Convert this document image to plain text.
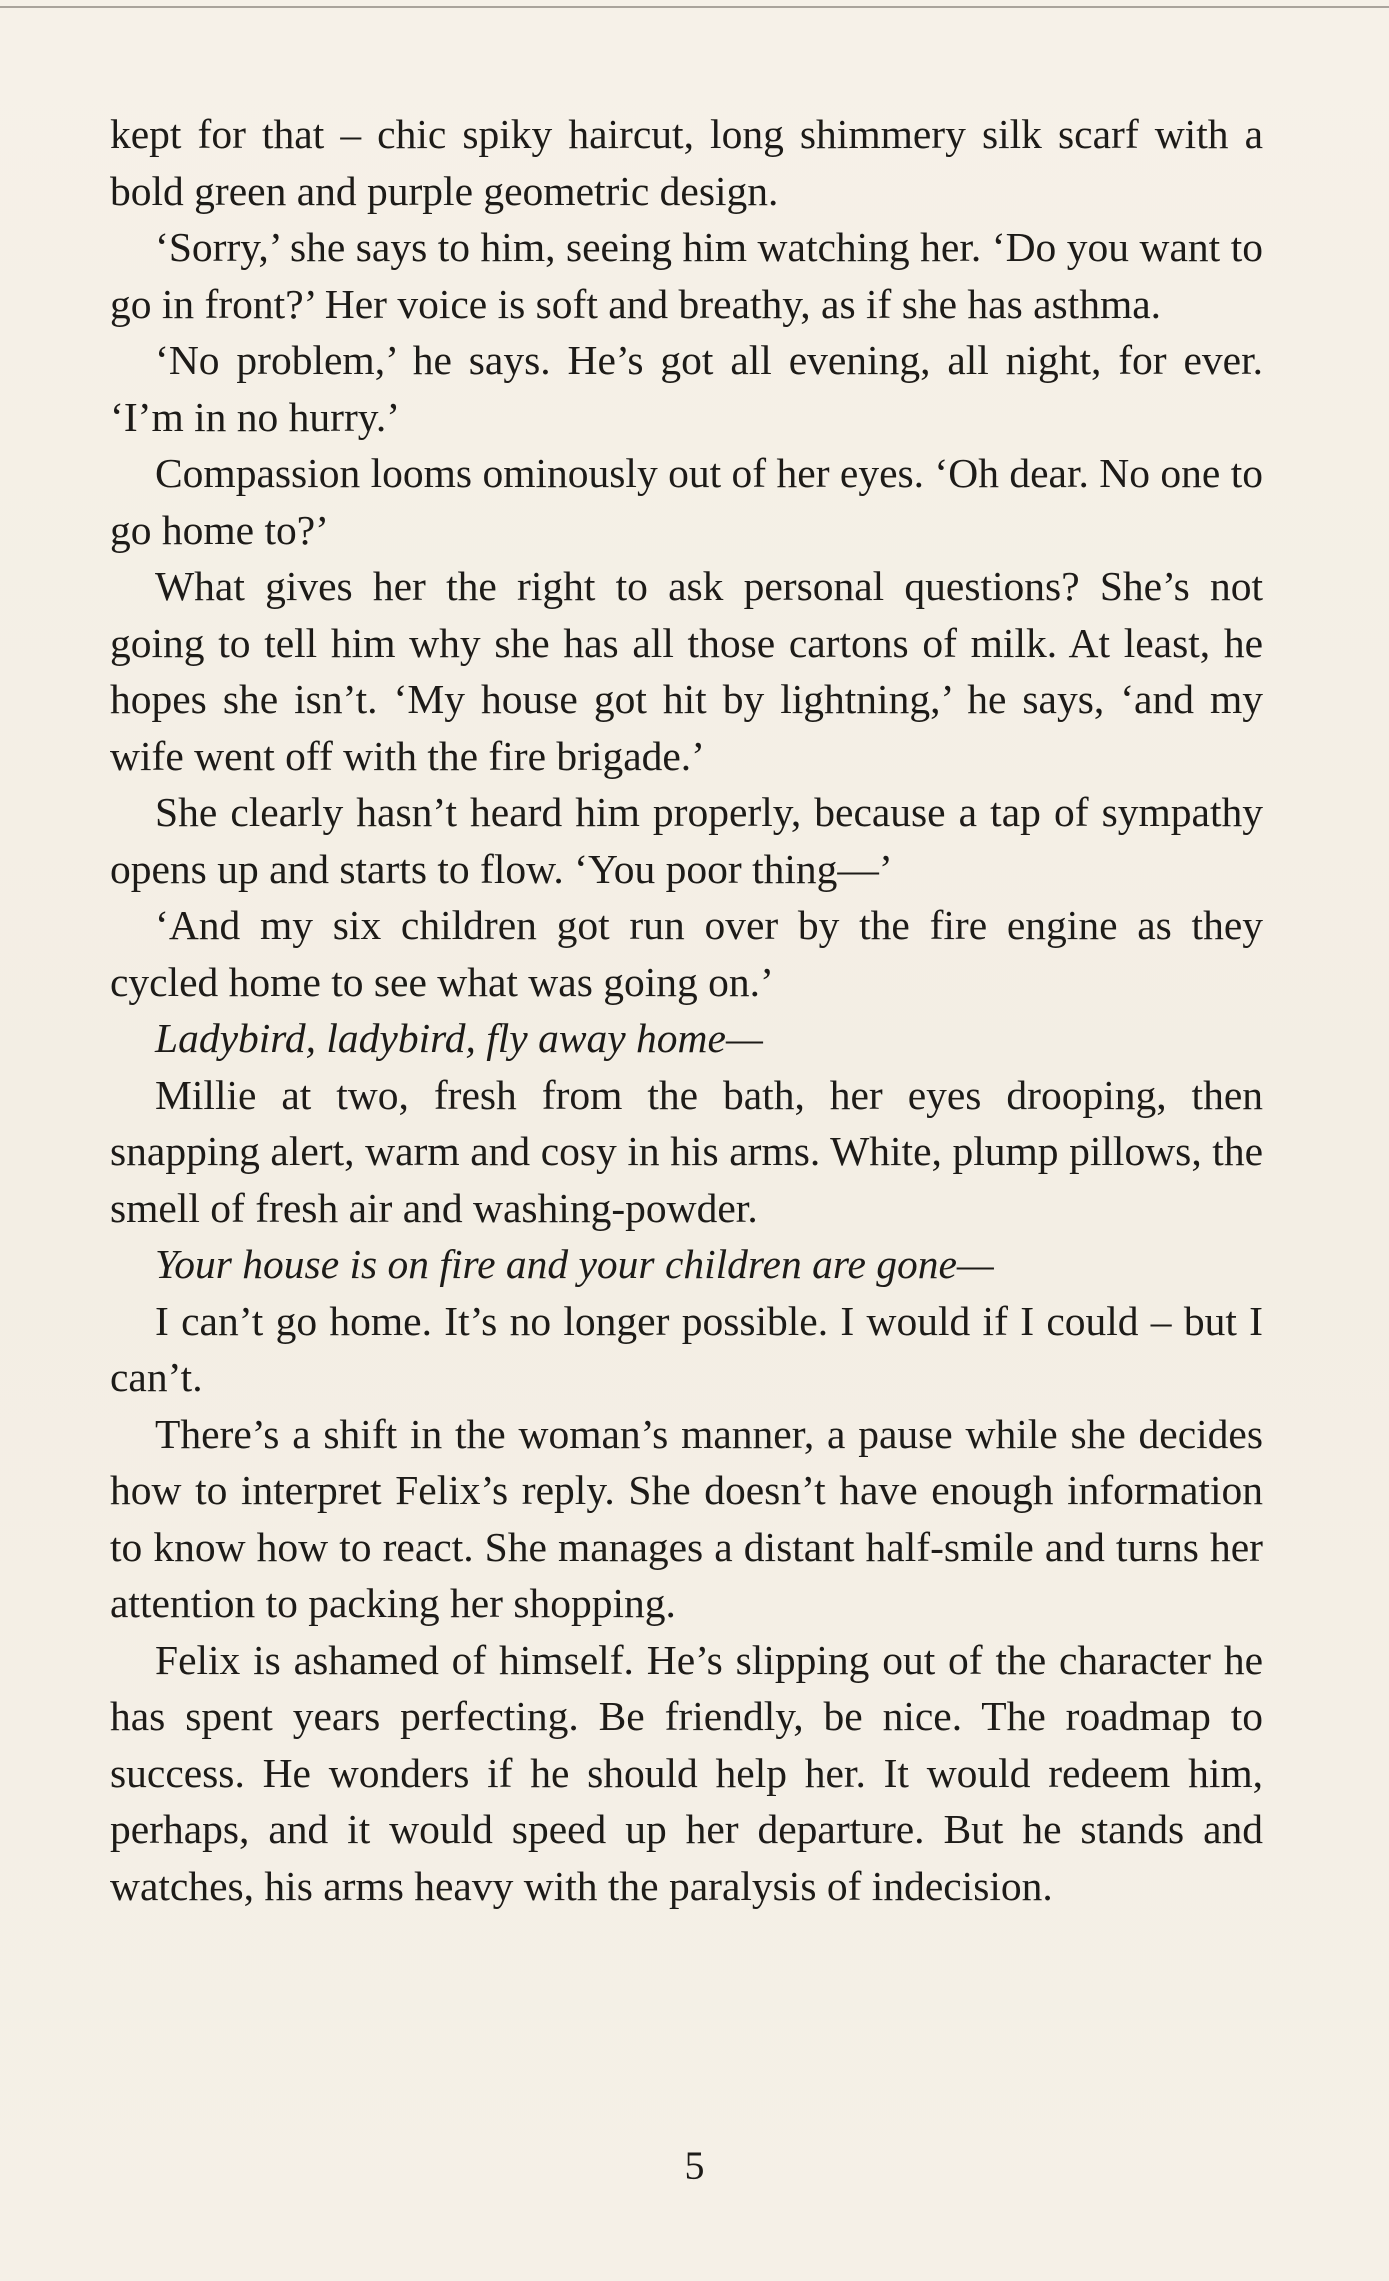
kept for that – chic spiky haircut, long shimmery silk scarf with a bold green and purple geometric design.

‘Sorry,’ she says to him, seeing him watching her. ‘Do you want to go in front?’ Her voice is soft and breathy, as if she has asthma.

‘No problem,’ he says. He’s got all evening, all night, for ever. ‘I’m in no hurry.’

Compassion looms ominously out of her eyes. ‘Oh dear. No one to go home to?’

What gives her the right to ask personal questions? She’s not going to tell him why she has all those cartons of milk. At least, he hopes she isn’t. ‘My house got hit by lightning,’ he says, ‘and my wife went off with the fire brigade.’

She clearly hasn’t heard him properly, because a tap of sympathy opens up and starts to flow. ‘You poor thing—’

‘And my six children got run over by the fire engine as they cycled home to see what was going on.’

Ladybird, ladybird, fly away home—

Millie at two, fresh from the bath, her eyes drooping, then snapping alert, warm and cosy in his arms. White, plump pillows, the smell of fresh air and washing-powder.

Your house is on fire and your children are gone—

I can’t go home. It’s no longer possible. I would if I could – but I can’t.

There’s a shift in the woman’s manner, a pause while she decides how to interpret Felix’s reply. She doesn’t have enough information to know how to react. She manages a distant half-smile and turns her attention to packing her shopping.

Felix is ashamed of himself. He’s slipping out of the character he has spent years perfecting. Be friendly, be nice. The roadmap to success. He wonders if he should help her. It would redeem him, perhaps, and it would speed up her departure. But he stands and watches, his arms heavy with the paralysis of indecision.

5
